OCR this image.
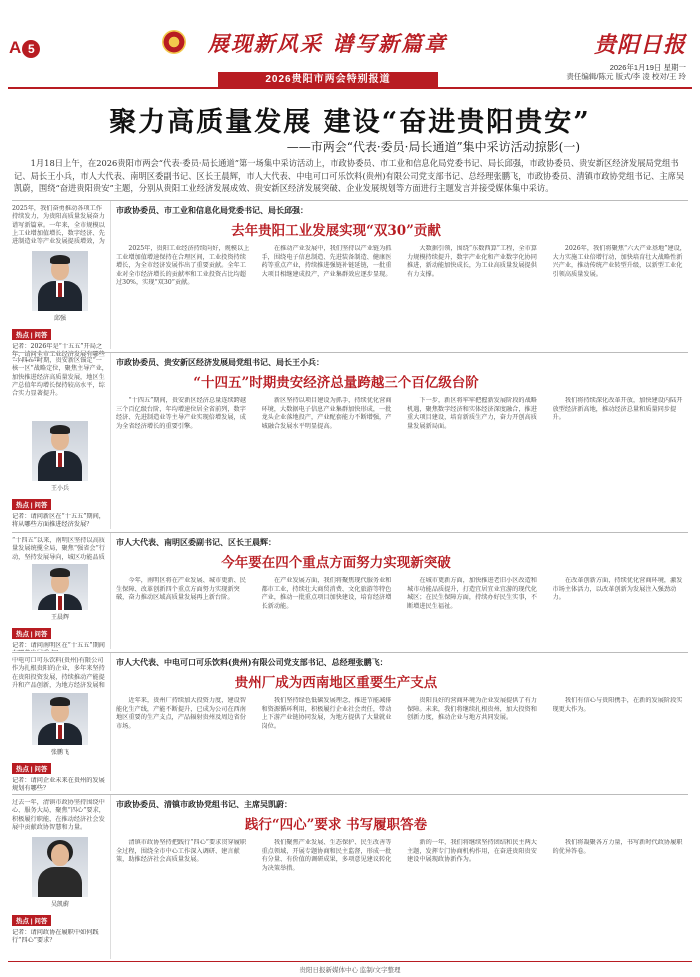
A 5	展现新风采 谱写新篇章
2026贵阳市两会特别报道
贵阳日报
2026年1月19日 星期一
责任编辑/陈元 版式/李 凌 校对/王 玲
聚力高质量发展 建设“奋进贵阳贵安”
——市两会“代表·委员·局长通道”集中采访活动掠影(一)
1月18日上午，在2026贵阳市两会“代表·委员·局长通道”第一场集中采访活动上，市政协委员、市工业和信息化局党委书记、局长邱强，市政协委员、贵安新区经济发展局党组书记、局长王小兵，市人大代表、南明区委副书记、区长王晨辉，市人大代表、中电可口可乐饮料(贵州)有限公司党支部书记、总经理张鹏飞，市政协委员、清镇市政协党组书记、主席吴凯蔚，围绕“奋进贵阳贵安”主题，分别从贵阳工业经济发展成效、贵安新区经济发展突破、企业发展规划等方面进行主题发言并接受媒体集中采访。
2025年，我们奋勇推动各项工作持续发力，为贵阳高质量发展奋力谱写新篇章。一年来，全市规模以上工业增加值增长，数字经济、先进制造业等产业发展提质增效，为
邱强
热点 | 问答
记者：2026年是“十五五”开局之年，请问全市工业经济发展有哪些
市政协委员、市工业和信息化局党委书记、局长邱强：
去年贵阳工业发展实现“双30”贡献
2025年，贵阳工业经济持续向好，规模以上工业增加值增速保持在合理区间，工业投资持续增长，为全市经济发展作出了重要贡献。全年工业对全市经济增长的贡献率和工业投资占比均超过30%，实现“双30”贡献。
在推动产业发展中，我们坚持以产业链为抓手，围绕电子信息制造、先进装备制造、健康医药等重点产业，持续推进强链补链延链，一批重大项目相继建成投产，产业集群效应逐步显现。
大数据引领，围绕“东数西算”工程，全市算力规模持续提升，数字产业化和产业数字化协同推进，新动能加快成长，为工业高质量发展提供有力支撑。
2026年，我们将聚焦“六大产业基地”建设，大力实施工业倍增行动，加快培育壮大战略性新兴产业，推动传统产业转型升级，以新型工业化引领高质量发展。
“十四五”时期，贵安新区锚定“一核一区”战略定位，聚焦主导产业，加快推进经济高质量发展，地区生产总值年均增长保持较高水平，综合实力显著提升。
王小兵
热点 | 问答
记者：请问新区在“十五五”期间，将从哪些方面推进经济发展？
市政协委员、贵安新区经济发展局党组书记、局长王小兵：
“十四五”时期贵安经济总量跨越三个百亿级台阶
“十四五”期间，贵安新区经济总量连续跨越三个百亿级台阶，年均增速位居全省前列，数字经济、先进制造业等主导产业实现倍增发展，成为全省经济增长的重要引擎。
新区坚持以项目建设为抓手，持续优化营商环境，大数据电子信息产业集群加快形成，一批龙头企业落地投产，产业配套能力不断增强，产城融合发展水平明显提高。
下一步，新区将牢牢把握新发展阶段的战略机遇，聚焦数字经济和实体经济深度融合，推进重大项目建设，培育新质生产力，奋力开创高质量发展新局面。
我们将持续深化改革开放，加快建设内陆开放型经济新高地，推动经济总量和质量同步提升。
“十四五”以来，南明区坚持以高质量发展统揽全局，聚焦“强省会”行动，坚持发展导向，城区功能品质
王晨辉
热点 | 问答
记者：请问南明区在“十五五”期间
市人大代表、南明区委副书记、区长王晨辉：
今年要在四个重点方面努力实现新突破
今年，南明区将在产业发展、城市更新、民生保障、改革创新四个重点方面努力实现新突破，奋力推动区域高质量发展再上新台阶。
在产业发展方面，我们将聚焦现代服务业和都市工业，持续壮大商贸消费、文化旅游等特色产业，推动一批重点项目加快建设，培育经济增长新动能。
在城市更新方面，加快推进老旧小区改造和城市功能品质提升，打造宜居宜业宜游的现代化城区；在民生保障方面，持续办好民生实事，不断增进民生福祉。
在改革创新方面，持续优化营商环境，激发市场主体活力，以改革创新为发展注入强劲动力。
中电可口可乐饮料(贵州)有限公司作为扎根贵阳的企业，多年来坚持在贵阳投资发展，持续推动产能提升和产品创新，为地方经济发展和
张鹏飞
热点 | 问答
记者：请问企业未来在贵州的发展规划有哪些？
市人大代表、中电可口可乐饮料(贵州)有限公司党支部书记、总经理张鹏飞：
贵州厂成为西南地区重要生产支点
近年来，贵州厂持续加大投资力度，建设智能化生产线，产能不断提升，已成为公司在西南地区重要的生产支点，产品辐射贵州及周边省份市场。
我们坚持绿色低碳发展理念，推进节能减排和资源循环利用，积极履行企业社会责任，带动上下游产业链协同发展，为地方提供了大量就业岗位。
贵阳良好的营商环境为企业发展提供了有力保障。未来，我们将继续扎根贵州，加大投资和创新力度，推动企业与地方共同发展。
我们有信心与贵阳携手，在新的发展阶段实现更大作为。
过去一年，清镇市政协坚持围绕中心、服务大局，聚焦“四心”要求，积极履行职能，在推动经济社会发展中贡献政协智慧和力量。
吴凯蔚
热点 | 问答
记者：请问政协在履职中如何践行“四心”要求？
市政协委员、清镇市政协党组书记、主席吴凯蔚：
践行“四心”要求 书写履职答卷
清镇市政协坚持把践行“四心”要求贯穿履职全过程，围绕全市中心工作深入调研、建言献策，助推经济社会高质量发展。
我们聚焦产业发展、生态保护、民生改善等重点领域，开展专题协商和民主监督，形成一批有分量、有价值的调研成果，多项意见建议转化为决策举措。
新的一年，我们将继续坚持团结和民主两大主题，发挥专门协商机构作用，在奋进贵阳贵安建设中展现政协新作为。
我们将凝聚各方力量，书写新时代政协履职的优异答卷。
贵阳日报新媒体中心 监制/文字整理
